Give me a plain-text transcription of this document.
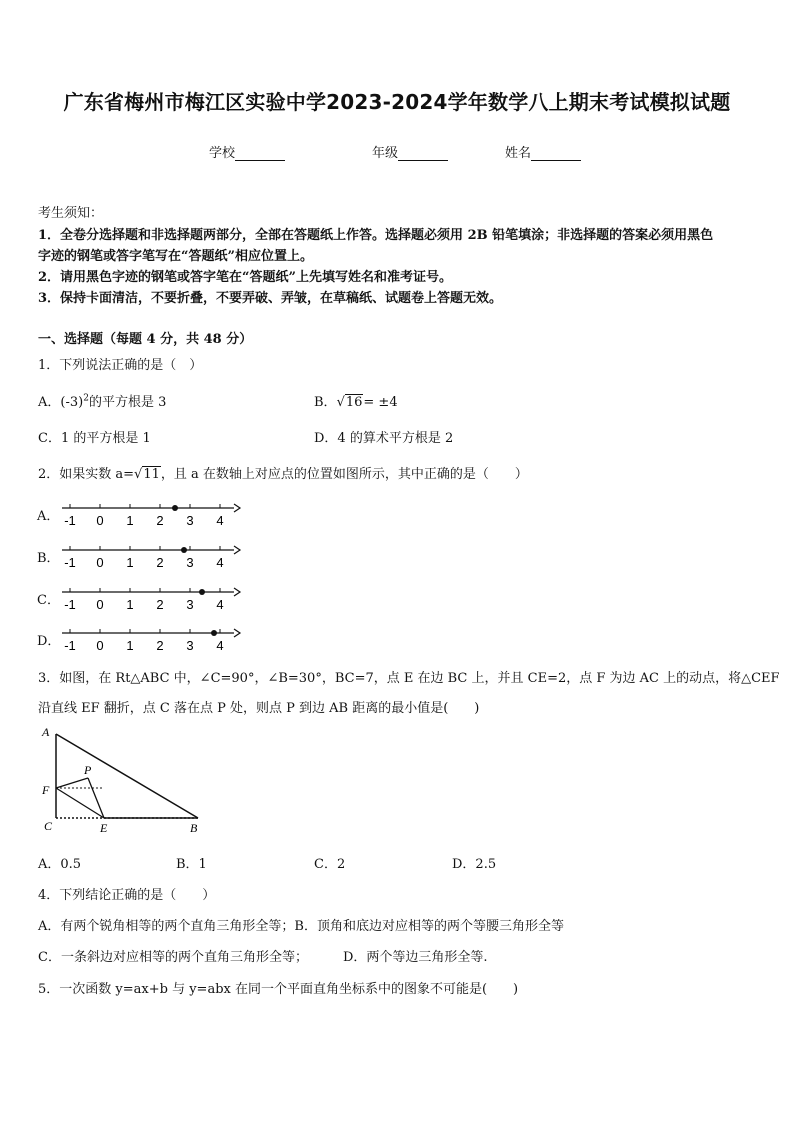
广东省梅州市梅江区实验中学2023-2024学年数学八上期末考试模拟试题
学校	年级	姓名
考生须知：
1．全卷分选择题和非选择题两部分，全部在答题纸上作答。选择题必须用 2B 铅笔填涂；非选择题的答案必须用黑色
字迹的钢笔或答字笔写在“答题纸”相应位置上。
2．请用黑色字迹的钢笔或答字笔在“答题纸”上先填写姓名和准考证号。
3．保持卡面清洁，不要折叠，不要弄破、弄皱，在草稿纸、试题卷上答题无效。
一、选择题（每题 4 分，共 48 分）
1．下列说法正确的是（　）
A．$(-3)^2$的平方根是 3	B．√16= ±4
C．1 的平方根是 1	D．4 的算术平方根是 2
2．如果实数 a=√11，且 a 在数轴上对应点的位置如图所示，其中正确的是（　　）
A．
B．
C．
D．
-1 0 1 2 3 4
-1 0 1 2 3 4
-1 0 1 2 3 4
-1 0 1 2 3 4
3．如图，在 Rt△ABC 中，∠C=90°，∠B=30°，BC=7，点 E 在边 BC 上，并且 CE=2，点 F 为边 AC 上的动点，将△CEF
沿直线 EF 翻折，点 C 落在点 P 处，则点 P 到边 AB 距离的最小值是(　　)
A
P
F
C	E	B
A．0.5	B．1	C．2	D．2.5
4．下列结论正确的是（　　）
A．有两个锐角相等的两个直角三角形全等；B．顶角和底边对应相等的两个等腰三角形全等
C．一条斜边对应相等的两个直角三角形全等；	D．两个等边三角形全等.
5．一次函数 y=ax+b 与 y=abx 在同一个平面直角坐标系中的图象不可能是(　　)
